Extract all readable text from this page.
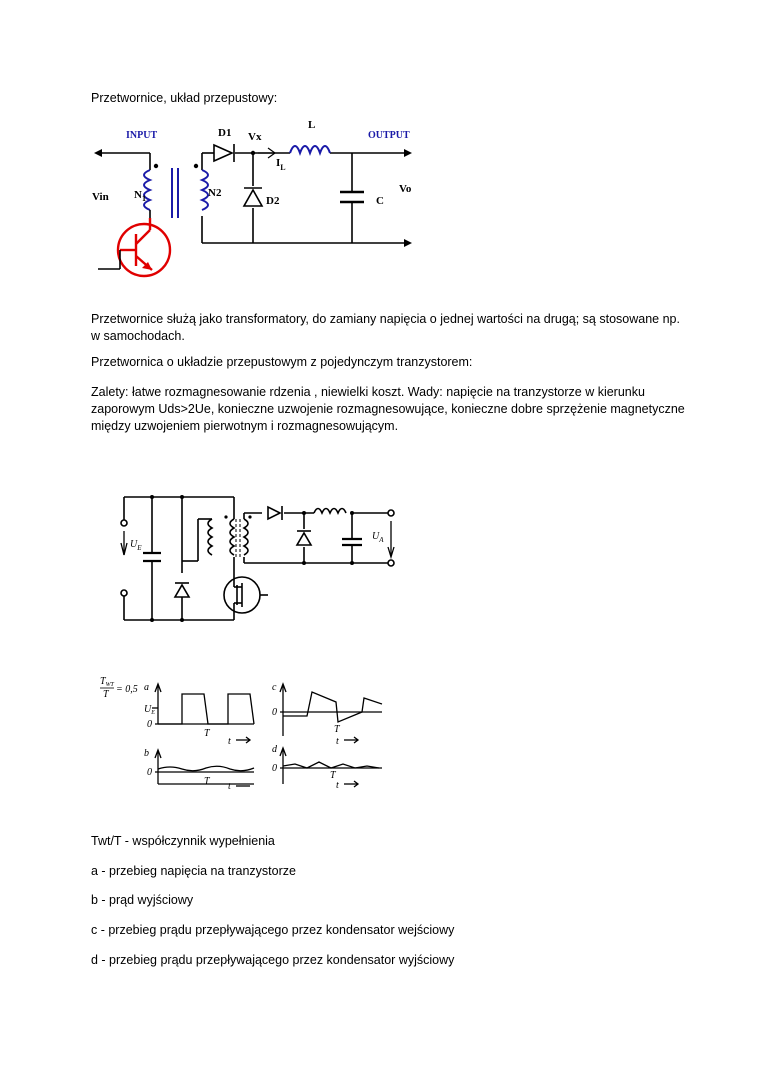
Przetwornice, układ przepustowy:

INPUT	OUTPUT
D1 Vx
L
$I_L$
Vin $N_1$	N2
D2	C
Vo

Przetwornice służą jako transformatory, do zamiany napięcia o jednej wartości na drugą; są stosowane np. w samochodach.

Przetwornica o układzie przepustowym z pojedynczym tranzystorem:

Zalety: łatwe rozmagnesowanie rdzenia , niewielki koszt. Wady: napięcie na tranzystorze w kierunku zaporowym Uds>2Ue, konieczne uzwojenie rozmagnesowujące, konieczne dobre sprzężenie magnetyczne między uzwojeniem pierwotnym i rozmagnesowującym.

$U_E$
$U_A$
$T_{WT}$
T = 0,5 a
$U_E$
0
T
t
b
0
T t
c
0
T
t
d
0
T
t

Twt/T - współczynnik wypełnienia

a - przebieg napięcia na tranzystorze

b - prąd wyjściowy

c - przebieg prądu przepływającego przez kondensator wejściowy

d - przebieg prądu przepływającego przez kondensator wyjściowy
